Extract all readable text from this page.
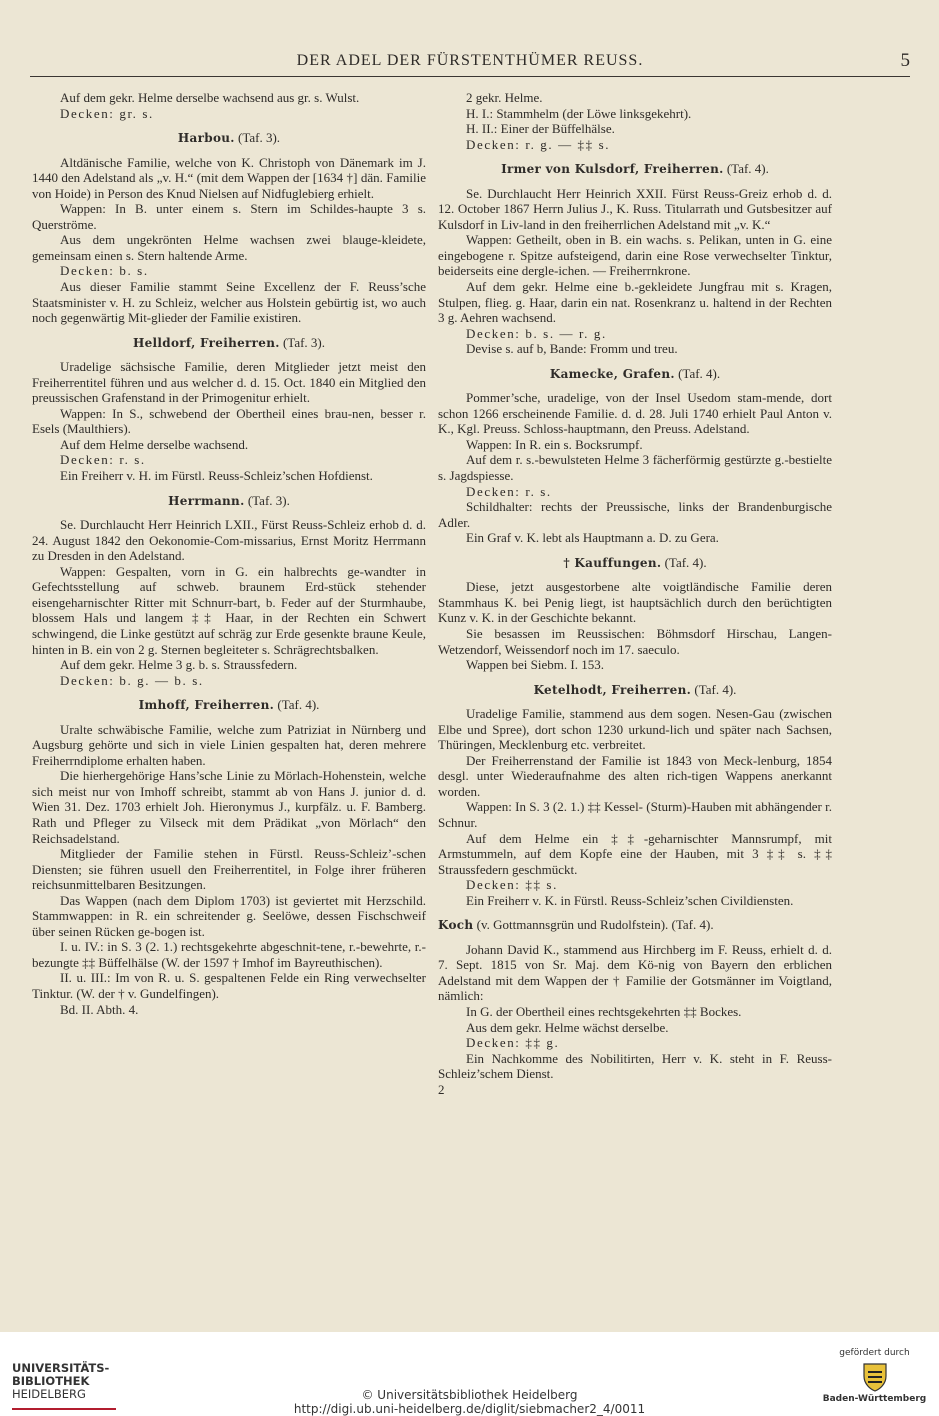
DER ADEL DER FÜRSTENTHÜMER REUSS.	5

Auf dem gekr. Helme derselbe wachsend aus gr. s. Wulst.

Decken: gr. s.

Harbou. (Taf. 3).

Altdänische Familie, welche von K. Christoph von Dänemark im J. 1440 den Adelstand als „v. H.“ (mit dem Wappen der [1634 †] dän. Familie von Hoide) in Person des Knud Nielsen auf Nidfuglebierg erhielt.

Wappen: In B. unter einem s. Stern im Schildes-haupte 3 s. Querströme.

Aus dem ungekrönten Helme wachsen zwei blauge-kleidete, gemeinsam einen s. Stern haltende Arme.

Decken: b. s.

Aus dieser Familie stammt Seine Excellenz der F. Reuss’sche Staatsminister v. H. zu Schleiz, welcher aus Holstein gebürtig ist, wo auch noch gegenwärtig Mit-glieder der Familie existiren.

Helldorf, Freiherren. (Taf. 3).

Uradelige sächsische Familie, deren Mitglieder jetzt meist den Freiherrentitel führen und aus welcher d. d. 15. Oct. 1840 ein Mitglied den preussischen Grafenstand in der Primogenitur erhielt.

Wappen: In S., schwebend der Obertheil eines brau-nen, besser r. Esels (Maulthiers).

Auf dem Helme derselbe wachsend.

Decken: r. s.

Ein Freiherr v. H. im Fürstl. Reuss-Schleiz’schen Hofdienst.

Herrmann. (Taf. 3).

Se. Durchlaucht Herr Heinrich LXII., Fürst Reuss-Schleiz erhob d. d. 24. August 1842 den Oekonomie-Com-missarius, Ernst Moritz Herrmann zu Dresden in den Adelstand.

Wappen: Gespalten, vorn in G. ein halbrechts ge-wandter in Gefechtsstellung auf schweb. braunem Erd-stück stehender eisengeharnischter Ritter mit Schnurr-bart, b. Feder auf der Sturmhaube, blossem Hals und langem ‡‡ Haar, in der Rechten ein Schwert schwingend, die Linke gestützt auf schräg zur Erde gesenkte braune Keule, hinten in B. ein von 2 g. Sternen begleiteter s. Schrägrechtsbalken.

Auf dem gekr. Helme 3 g. b. s. Straussfedern.

Decken: b. g. — b. s.

Imhoff, Freiherren. (Taf. 4).

Uralte schwäbische Familie, welche zum Patriziat in Nürnberg und Augsburg gehörte und sich in viele Linien gespalten hat, deren mehrere Freiherrndiplome erhalten haben.

Die hierhergehörige Hans’sche Linie zu Mörlach-Hohenstein, welche sich meist nur von Imhoff schreibt, stammt ab von Hans J. junior d. d. Wien 31. Dez. 1703 erhielt Joh. Hieronymus J., kurpfälz. u. F. Bamberg. Rath und Pfleger zu Vilseck mit dem Prädikat „von Mörlach“ den Reichsadelstand.

Mitglieder der Familie stehen in Fürstl. Reuss-Schleiz’-schen Diensten; sie führen usuell den Freiherrentitel, in Folge ihrer früheren reichsunmittelbaren Besitzungen.

Das Wappen (nach dem Diplom 1703) ist geviertet mit Herzschild. Stammwappen: in R. ein schreitender g. Seelöwe, dessen Fischschweif über seinen Rücken ge-bogen ist.

I. u. IV.: in S. 3 (2. 1.) rechtsgekehrte abgeschnit-tene, r.-bewehrte, r.-bezungte ‡‡ Büffelhälse (W. der 1597 † Imhof im Bayreuthischen).

II. u. III.: Im von R. u. S. gespaltenen Felde ein Ring verwechselter Tinktur. (W. der † v. Gundelfingen).

Bd. II. Abth. 4.

2 gekr. Helme.

H. I.: Stammhelm (der Löwe linksgekehrt).

H. II.: Einer der Büffelhälse.

Decken: r. g. — ‡‡ s.

Irmer von Kulsdorf, Freiherren. (Taf. 4).

Se. Durchlaucht Herr Heinrich XXII. Fürst Reuss-Greiz erhob d. d. 12. October 1867 Herrn Julius J., K. Russ. Titularrath und Gutsbesitzer auf Kulsdorf in Liv-land in den freiherrlichen Adelstand mit „v. K.“

Wappen: Getheilt, oben in B. ein wachs. s. Pelikan, unten in G. eine eingebogene r. Spitze aufsteigend, darin eine Rose verwechselter Tinktur, beiderseits eine dergle-ichen. — Freiherrnkrone.

Auf dem gekr. Helme eine b.-gekleidete Jungfrau mit s. Kragen, Stulpen, flieg. g. Haar, darin ein nat. Rosenkranz u. haltend in der Rechten 3 g. Aehren wachsend.

Decken: b. s. — r. g.

Devise s. auf b, Bande: Fromm und treu.

Kamecke, Grafen. (Taf. 4).

Pommer’sche, uradelige, von der Insel Usedom stam-mende, dort schon 1266 erscheinende Familie. d. d. 28. Juli 1740 erhielt Paul Anton v. K., Kgl. Preuss. Schloss-hauptmann, den Preuss. Adelstand.

Wappen: In R. ein s. Bocksrumpf.

Auf dem r. s.-bewulsteten Helme 3 fächerförmig gestürzte g.-bestielte s. Jagdspiesse.

Decken: r. s.

Schildhalter: rechts der Preussische, links der Brandenburgische Adler.

Ein Graf v. K. lebt als Hauptmann a. D. zu Gera.

† Kauffungen. (Taf. 4).

Diese, jetzt ausgestorbene alte voigtländische Familie deren Stammhaus K. bei Penig liegt, ist hauptsächlich durch den berüchtigten Kunz v. K. in der Geschichte bekannt.

Sie besassen im Reussischen: Böhmsdorf Hirschau, Langen-Wetzendorf, Weissendorf noch im 17. saeculo.

Wappen bei Siebm. I. 153.

Ketelhodt, Freiherren. (Taf. 4).

Uradelige Familie, stammend aus dem sogen. Nesen-Gau (zwischen Elbe und Spree), dort schon 1230 urkund-lich und später nach Sachsen, Thüringen, Mecklenburg etc. verbreitet.

Der Freiherrenstand der Familie ist 1843 von Meck-lenburg, 1854 desgl. unter Wiederaufnahme des alten rich-tigen Wappens anerkannt worden.

Wappen: In S. 3 (2. 1.) ‡‡ Kessel- (Sturm)-Hauben mit abhängender r. Schnur.

Auf dem Helme ein ‡‡-geharnischter Mannsrumpf, mit Armstummeln, auf dem Kopfe eine der Hauben, mit 3 ‡‡ s. ‡‡ Straussfedern geschmückt.

Decken: ‡‡ s.

Ein Freiherr v. K. in Fürstl. Reuss-Schleiz’schen Civildiensten.

Koch (v. Gottmannsgrün und Rudolfstein). (Taf. 4).

Johann David K., stammend aus Hirchberg im F. Reuss, erhielt d. d. 7. Sept. 1815 von Sr. Maj. dem Kö-nig von Bayern den erblichen Adelstand mit dem Wappen der † Familie der Gotsmänner im Voigtland, nämlich:

In G. der Obertheil eines rechtsgekehrten ‡‡ Bockes.

Aus dem gekr. Helme wächst derselbe.

Decken: ‡‡ g.

Ein Nachkomme des Nobilitirten, Herr v. K. steht in F. Reuss-Schleiz’schem Dienst.

2

UNIVERSITÄTS-
BIBLIOTHEK
HEIDELBERG	© Universitätsbibliothek Heidelberg
http://digi.ub.uni-heidelberg.de/diglit/siebmacher2_4/0011
gefördert durch
Baden-Württemberg
